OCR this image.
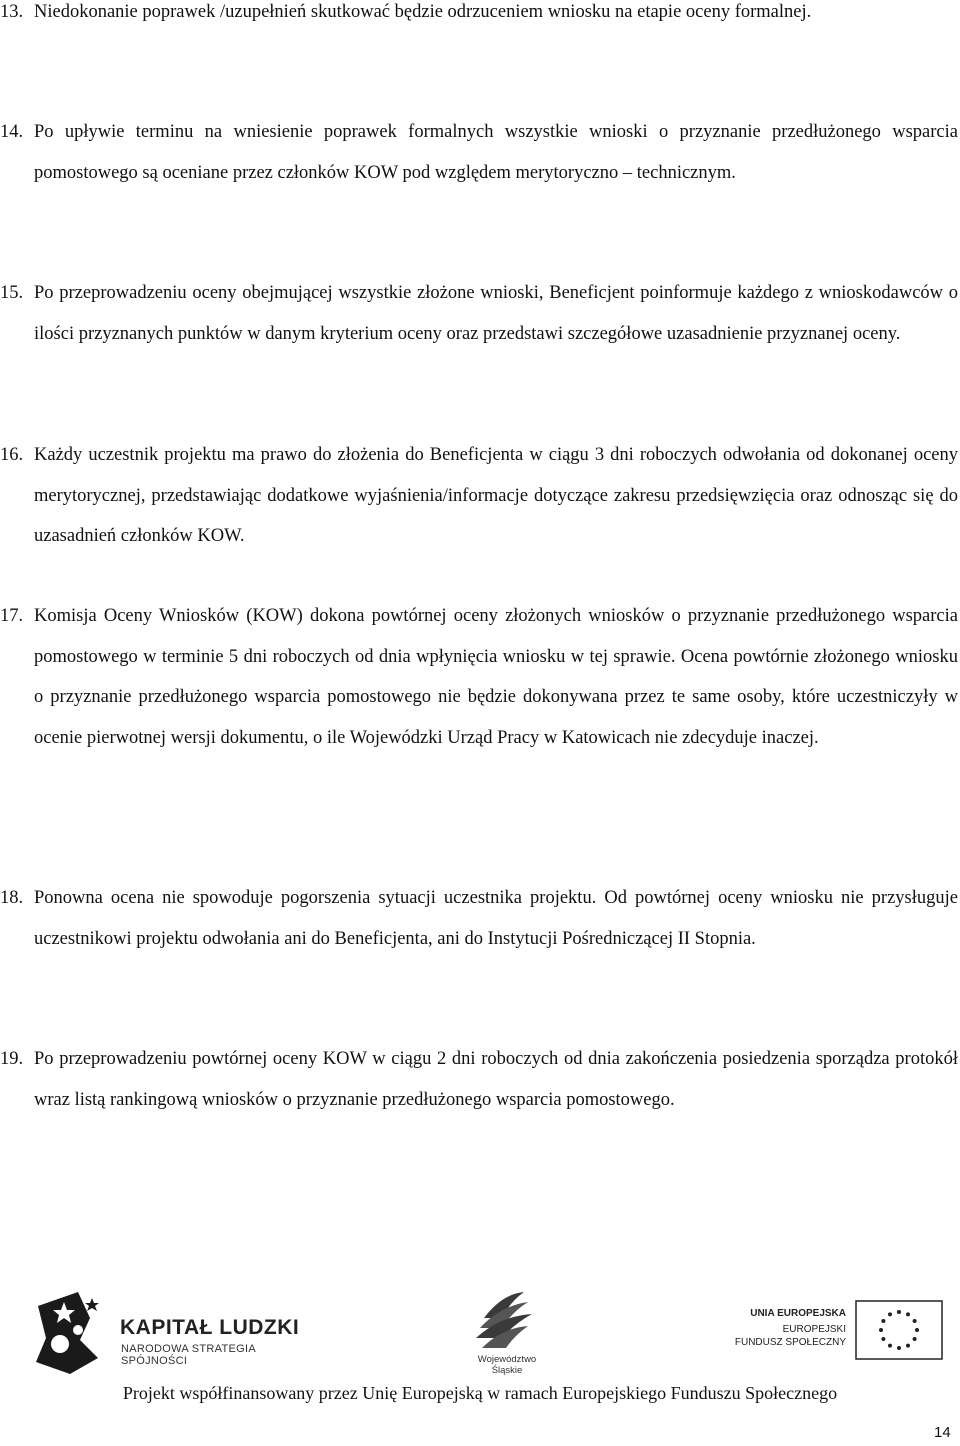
13. Niedokonanie poprawek /uzupełnień skutkować będzie odrzuceniem wniosku na etapie oceny formalnej.
14. Po upływie terminu na wniesienie poprawek formalnych wszystkie wnioski o przyznanie przedłużonego wsparcia pomostowego są oceniane przez członków KOW pod względem merytoryczno – technicznym.
15. Po przeprowadzeniu oceny obejmującej wszystkie złożone wnioski, Beneficjent poinformuje każdego z wnioskodawców o ilości przyznanych punktów w danym kryterium oceny oraz przedstawi szczegółowe uzasadnienie przyznanej oceny.
16. Każdy uczestnik projektu ma prawo do złożenia do Beneficjenta w ciągu 3 dni roboczych odwołania od dokonanej oceny merytorycznej, przedstawiając dodatkowe wyjaśnienia/informacje dotyczące zakresu przedsięwzięcia oraz odnosząc się do uzasadnień członków KOW.
17. Komisja Oceny Wniosków (KOW) dokona powtórnej oceny złożonych wniosków o przyznanie przedłużonego wsparcia pomostowego w terminie 5 dni roboczych od dnia wpłynięcia wniosku w tej sprawie. Ocena powtórnie złożonego wniosku o przyznanie przedłużonego wsparcia pomostowego nie będzie dokonywana przez te same osoby, które uczestniczyły w ocenie pierwotnej wersji dokumentu, o ile Wojewódzki Urząd Pracy w Katowicach nie zdecyduje inaczej.
18. Ponowna ocena nie spowoduje pogorszenia sytuacji uczestnika projektu. Od powtórnej oceny wniosku nie przysługuje uczestnikowi projektu odwołania ani do Beneficjenta, ani do Instytucji Pośredniczącej II Stopnia.
19. Po przeprowadzeniu powtórnej oceny KOW w ciągu 2 dni roboczych od dnia zakończenia posiedzenia sporządza protokół wraz listą rankingową wniosków o przyznanie przedłużonego wsparcia pomostowego.
KAPITAŁ LUDZKI
NARODOWA STRATEGIA SPÓJNOŚCI	Województwo
Śląskie
UNIA EUROPEJSKA
EUROPEJSKI
FUNDUSZ SPOŁECZNY
Projekt współfinansowany przez Unię Europejską w ramach Europejskiego Funduszu Społecznego
14
